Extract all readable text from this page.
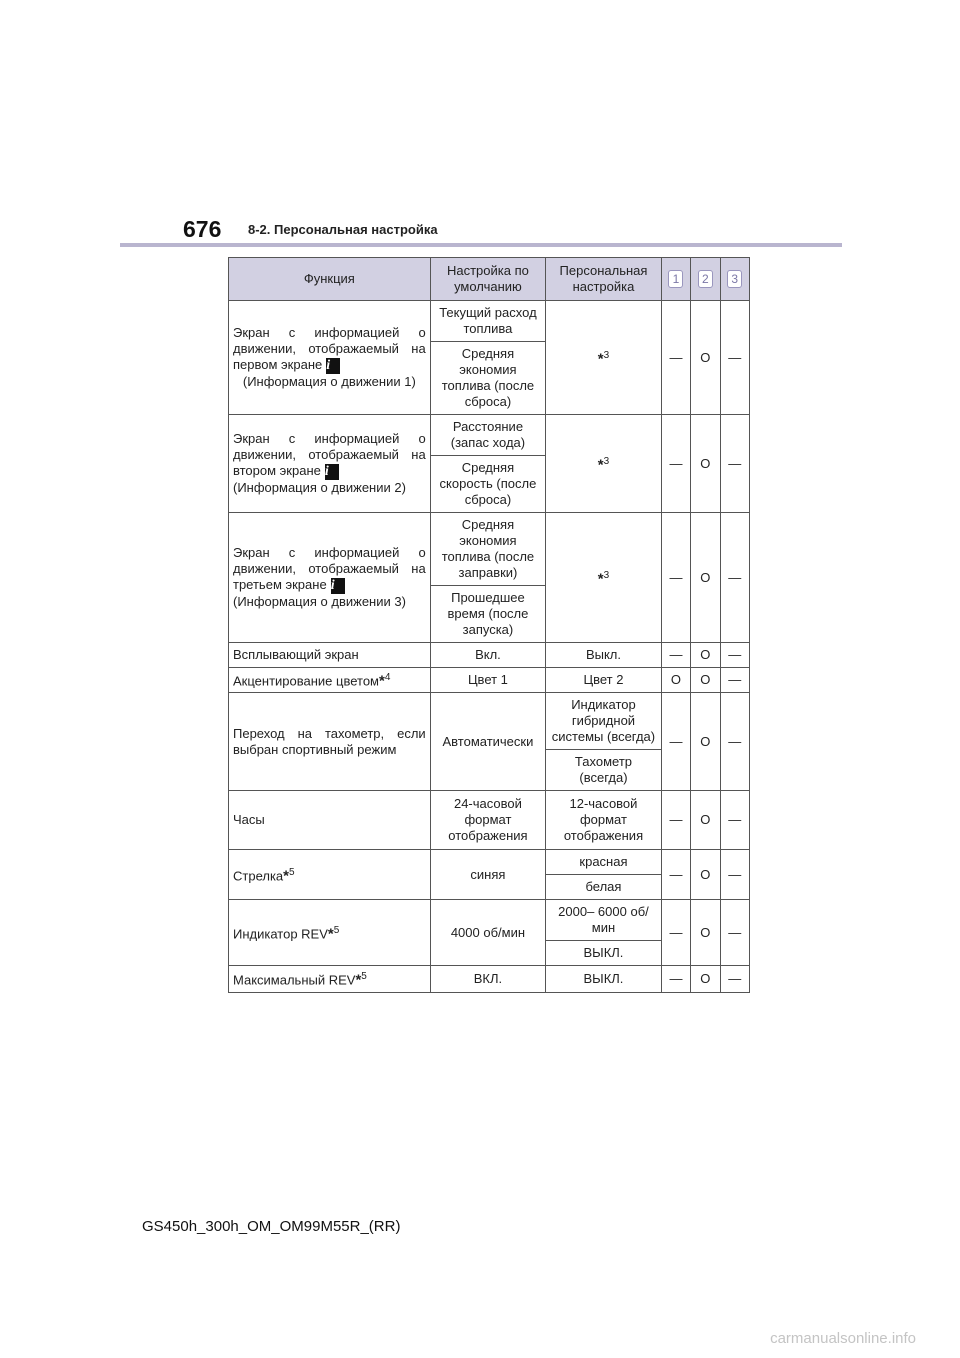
676 8-2. Персональная настройка
Функция	Настройка по умолчанию	Персональная настройка	1	2	3

Экран с информацией о движении, отображаемый на первом экране i
(Информация о движении 1)	Текущий расход топлива	*$^3$	—	O	—
	Средняя экономия топлива (после сброса)				

Экран с информацией о движении, отображаемый на втором экране i
(Информация о движении 2)	Расстояние (запас хода)	*$^3$	—	O	—
	Средняя скорость (после сброса)				

Экран с информацией о движении, отображаемый на третьем экране i
(Информация о движении 3)	Средняя экономия топлива (после заправки)	*$^3$	—	O	—
	Прошедшее время (после запуска)				
Всплывающий экран	Вкл.	Выкл.	—	O	—
Акцентирование цветом*$^4$	Цвет 1	Цвет 2	O	O	—
Переход на тахометр, если выбран спортивный режим	Автоматически	Индикатор гибридной системы (всегда)	—	O	—
		Тахометр (всегда)			
Часы	24-часовой формат отображения	12-часовой формат отображения	—	O	—
Стрелка*$^5$	синяя	красная	—	O	—
		белая			
Индикатор REV*$^5$	4000 об/мин	2000– 6000 об/мин	—	O	—
		ВЫКЛ.			
Максимальный REV*$^5$	ВКЛ.	ВЫКЛ.	—	O	—
GS450h_300h_OM_OM99M55R_(RR)
carmanualsonline.info
